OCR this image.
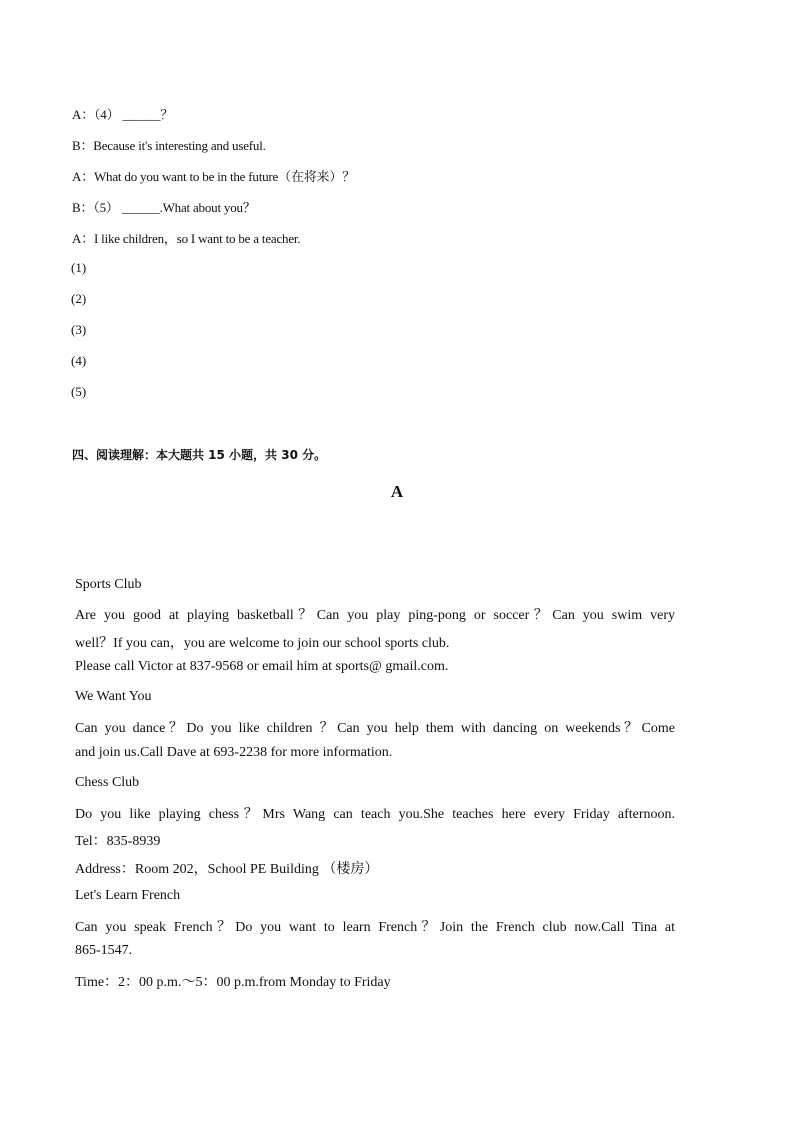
A：（4） ______？

B：Because it's interesting and useful.

A：What do you want to be in the future（在将来）？

B：（5） ______.What about you？

A：I like children，so I want to be a teacher.

(1)

(2)

(3)

(4)

(5)

四、阅读理解：本大题共 15 小题，共 30 分。

A

Sports Club

Are you good at playing basketball？Can you play ping-pong or soccer？Can you swim very

well？If you can，you are welcome to join our school sports club.

Please call Victor at 837-9568 or email him at sports@ gmail.com.

We Want You

Can you dance？Do you like children ？Can you help them with dancing on weekends？Come

and join us.Call Dave at 693-2238 for more information.

Chess Club

Do you like playing chess？Mrs Wang can teach you.She teaches here every Friday afternoon.

Tel：835-8939

Address：Room 202，School PE Building （楼房）

Let's Learn French

Can you speak French？Do you want to learn French？Join the French club now.Call Tina at

865-1547.

Time：2：00 p.m.～5：00 p.m.from Monday to Friday
